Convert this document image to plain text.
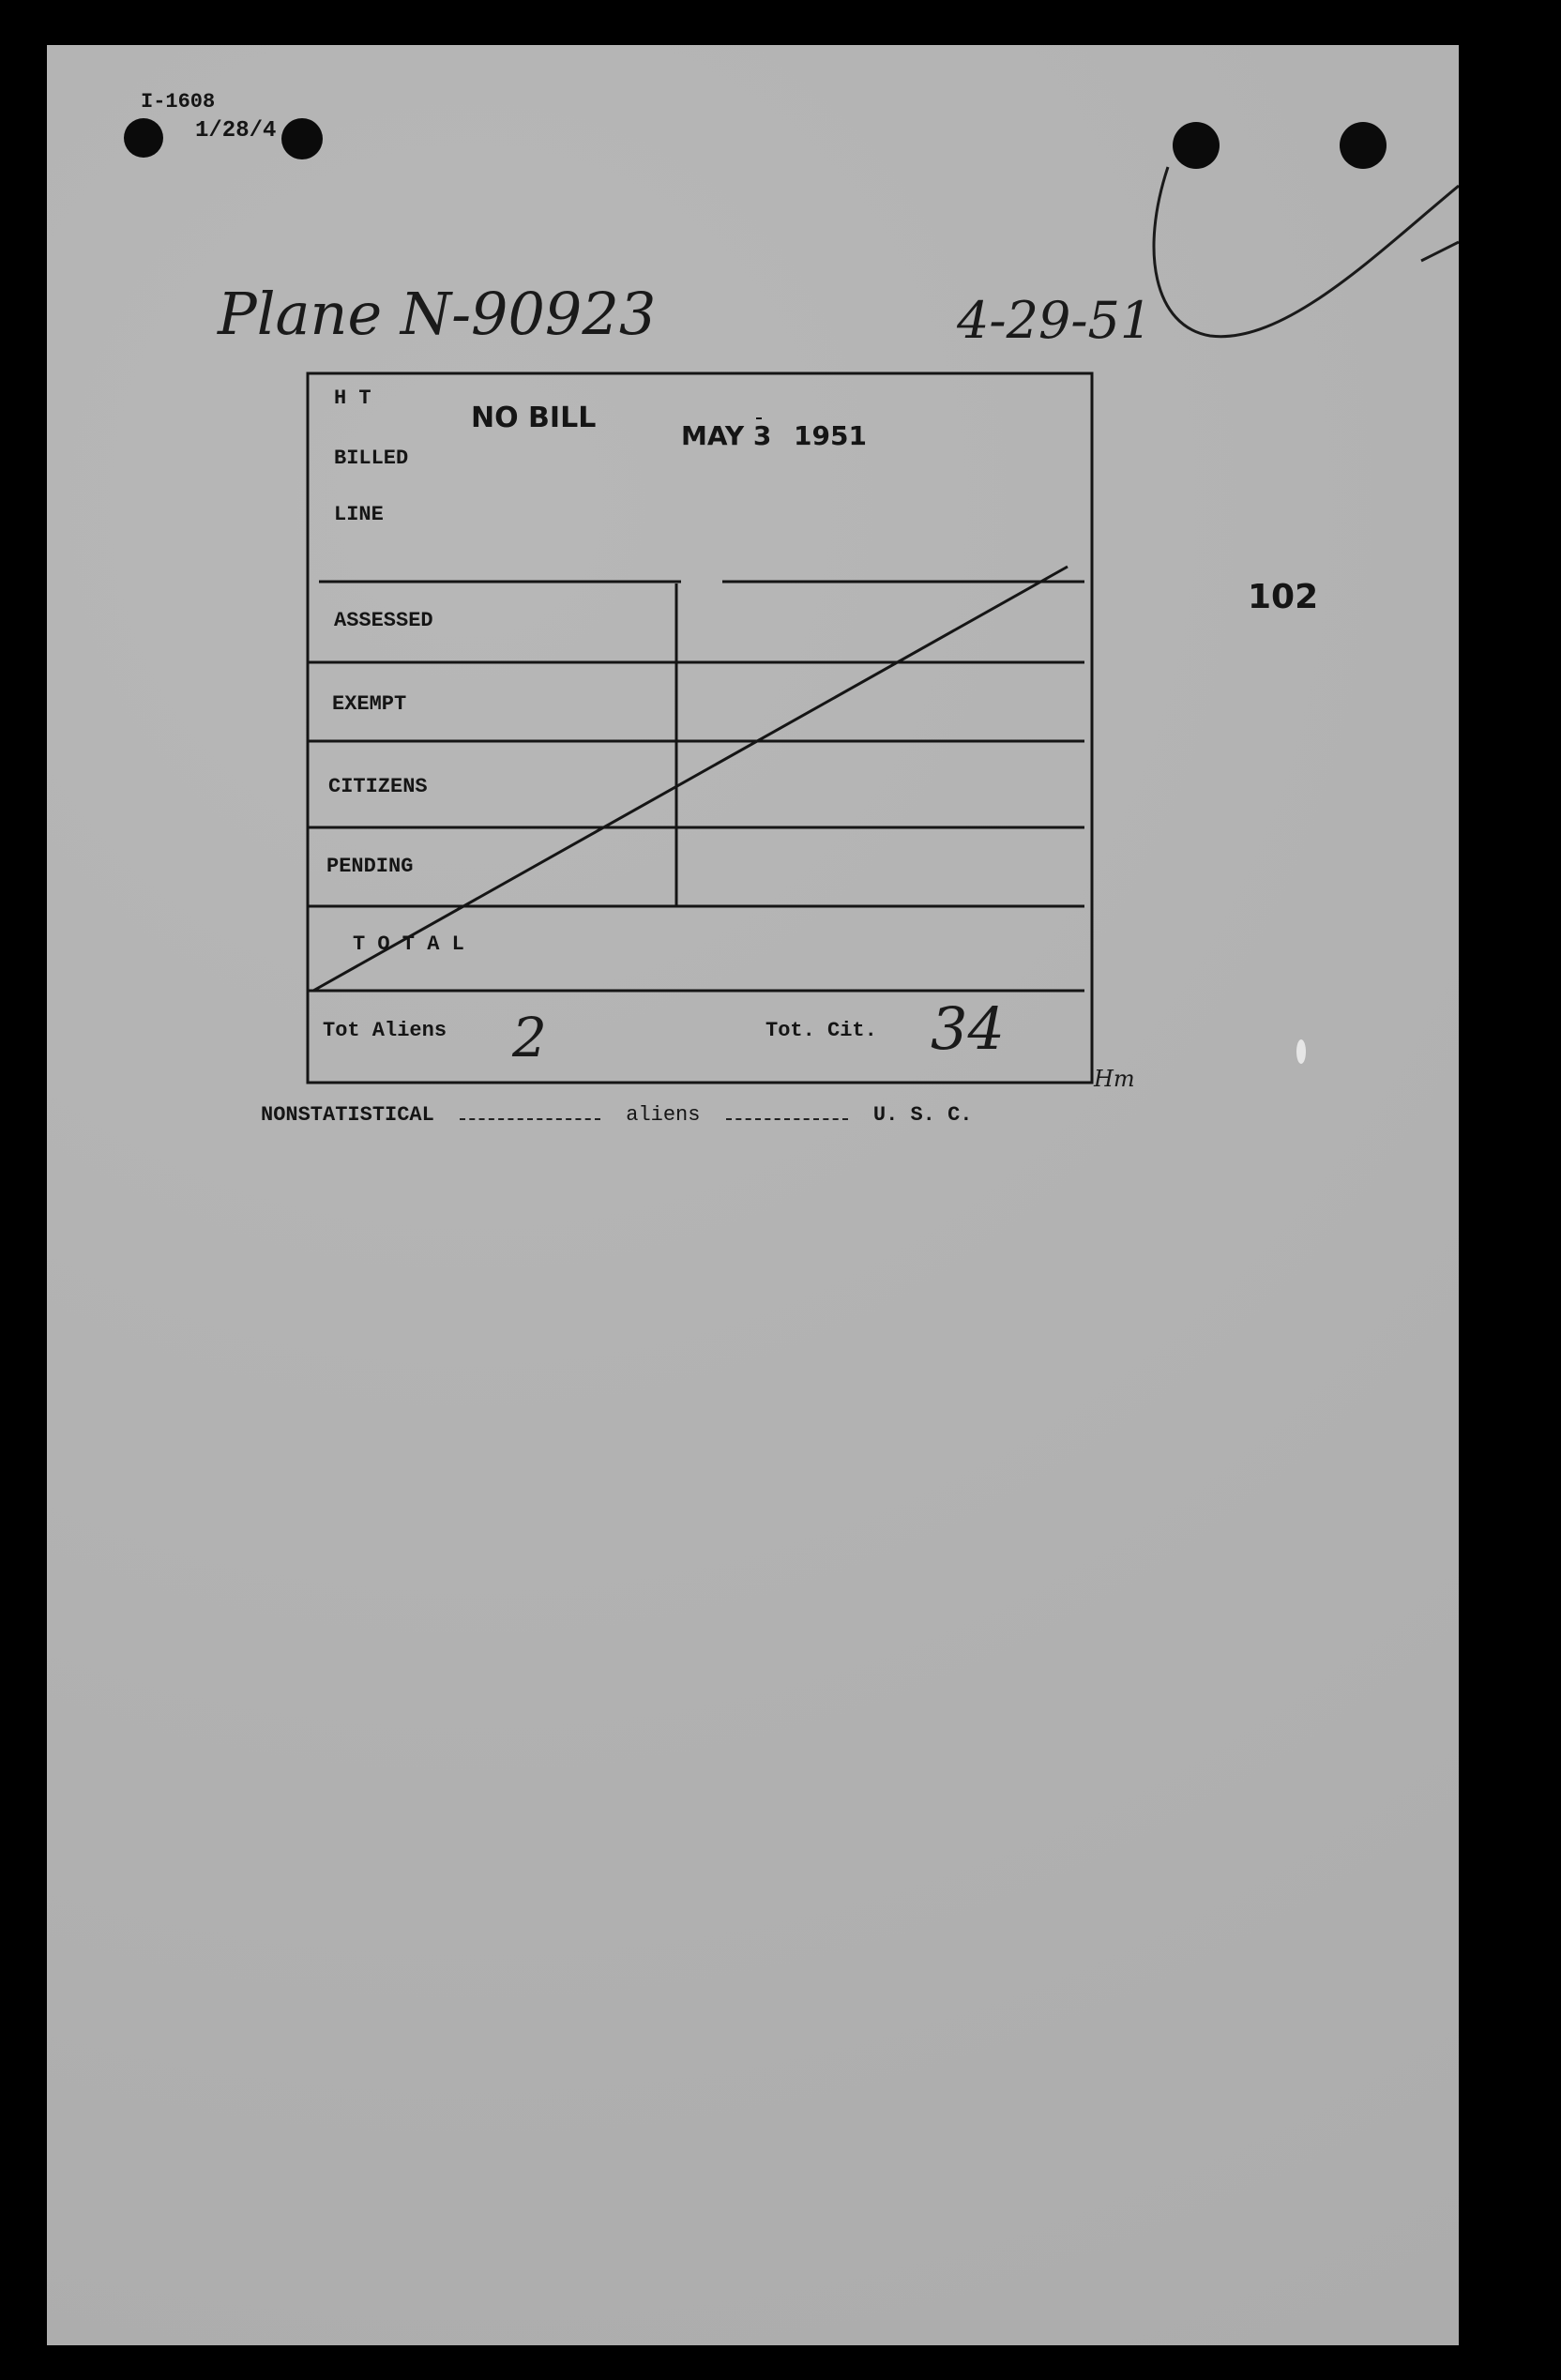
I-1608
1/28/4
Plane N-90923	4-29-51
102
H T
BILLED
LINE
NO BILL
MAY 3 1951
ASSESSED
EXEMPT
CITIZENS
PENDING
T O T A L
Tot Aliens 2	Tot. Cit. 34
Hm
NONSTATISTICAL	aliens	U. S. C.
